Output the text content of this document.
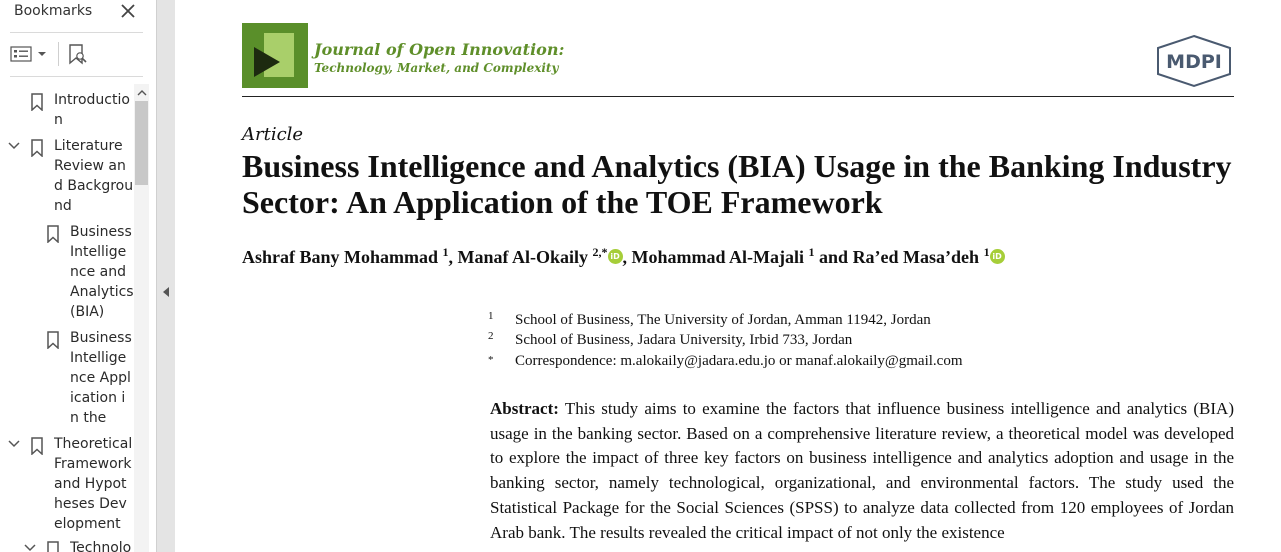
Bookmarks
Introduction
Literature Review and Background
Business Intelligence and Analytics (BIA)
Business Intelligence Application in the
Theoretical Framework and Hypotheses Development
Technolo
Journal of Open Innovation:
Technology, Market, and Complexity	MDPI
Article
Business Intelligence and Analytics (BIA) Usage in the Banking Industry Sector: An Application of the TOE Framework
Ashraf Bany Mohammad $^1$, Manaf Al-Okaily $^{2,*}$ iD , Mohammad Al-Majali $^1$ and Ra’ed Masa’deh $^1$ iD
1 School of Business, The University of Jordan, Amman 11942, Jordan
2 School of Business, Jadara University, Irbid 733, Jordan
* Correspondence: m.alokaily@jadara.edu.jo or manaf.alokaily@gmail.com
Abstract: This study aims to examine the factors that influence business intelligence and analytics (BIA) usage in the banking sector. Based on a comprehensive literature review, a theoretical model was developed to explore the impact of three key factors on business intelligence and analytics adoption and usage in the banking sector, namely technological, organizational, and environmental factors. The study used the Statistical Package for the Social Sciences (SPSS) to analyze data collected from 120 employees of Jordan Arab bank. The results revealed the critical impact of not only the existence
